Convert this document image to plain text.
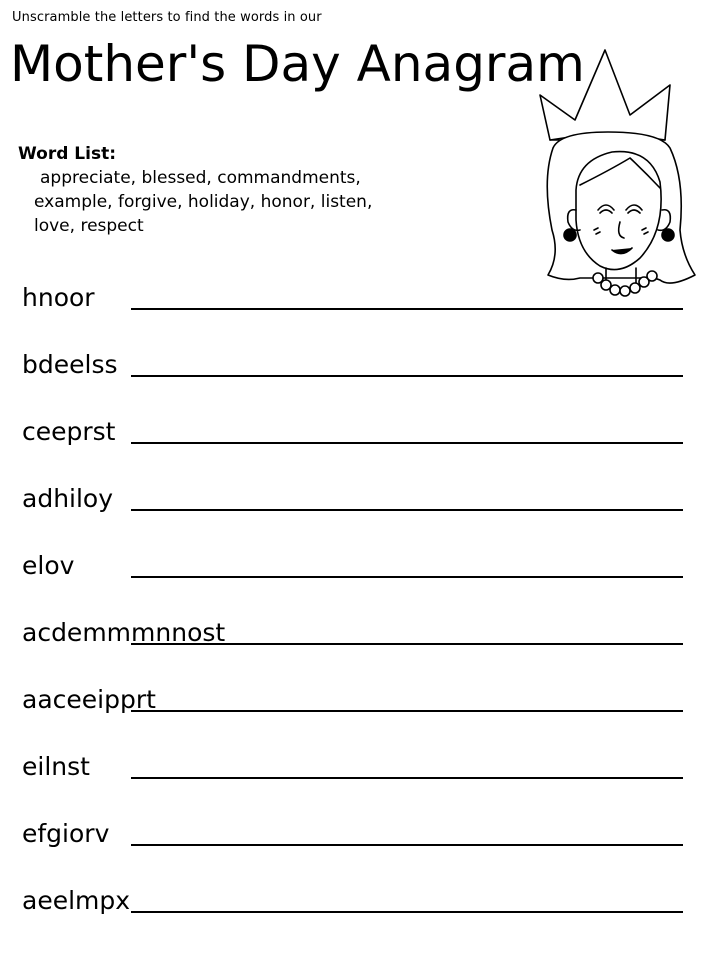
Unscramble the letters to find the words in our
Mother's Day Anagram
Word List:
appreciate, blessed, commandments,
example, forgive, holiday, honor, listen,
love, respect
hnoor
bdeelss
ceeprst
adhiloy
elov
acdemmmnnost
aaceeipprt
eilnst
efgiorv
aeelmpx
